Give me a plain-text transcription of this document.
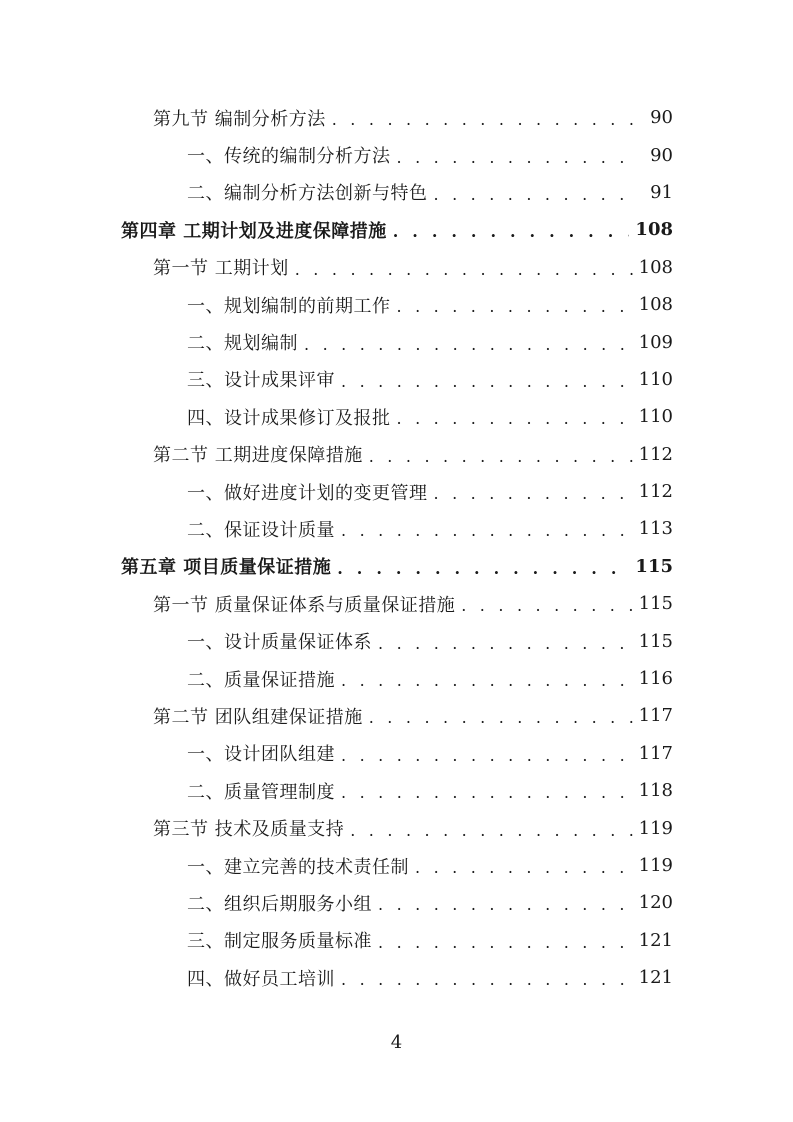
第九节 编制分析方法 . . .	90
一、传统的编制分析方法 . . .	90
二、编制分析方法创新与特色 . . .	91
第四章 工期计划及进度保障措施 . . .	108
第一节 工期计划 . . .	108
一、规划编制的前期工作 . . .	108
二、规划编制 . . .	109
三、设计成果评审 . . .	110
四、设计成果修订及报批 . . .	110
第二节 工期进度保障措施 . . .	112
一、做好进度计划的变更管理 . . .	112
二、保证设计质量 . . .	113
第五章 项目质量保证措施 . . .	115
第一节 质量保证体系与质量保证措施 . . .	115
一、设计质量保证体系 . . .	115
二、质量保证措施 . . .	116
第二节 团队组建保证措施 . . .	117
一、设计团队组建 . . .	117
二、质量管理制度 . . .	118
第三节 技术及质量支持 . . .	119
一、建立完善的技术责任制 . . .	119
二、组织后期服务小组 . . .	120
三、制定服务质量标准 . . .	121
四、做好员工培训 . . .	121
4
